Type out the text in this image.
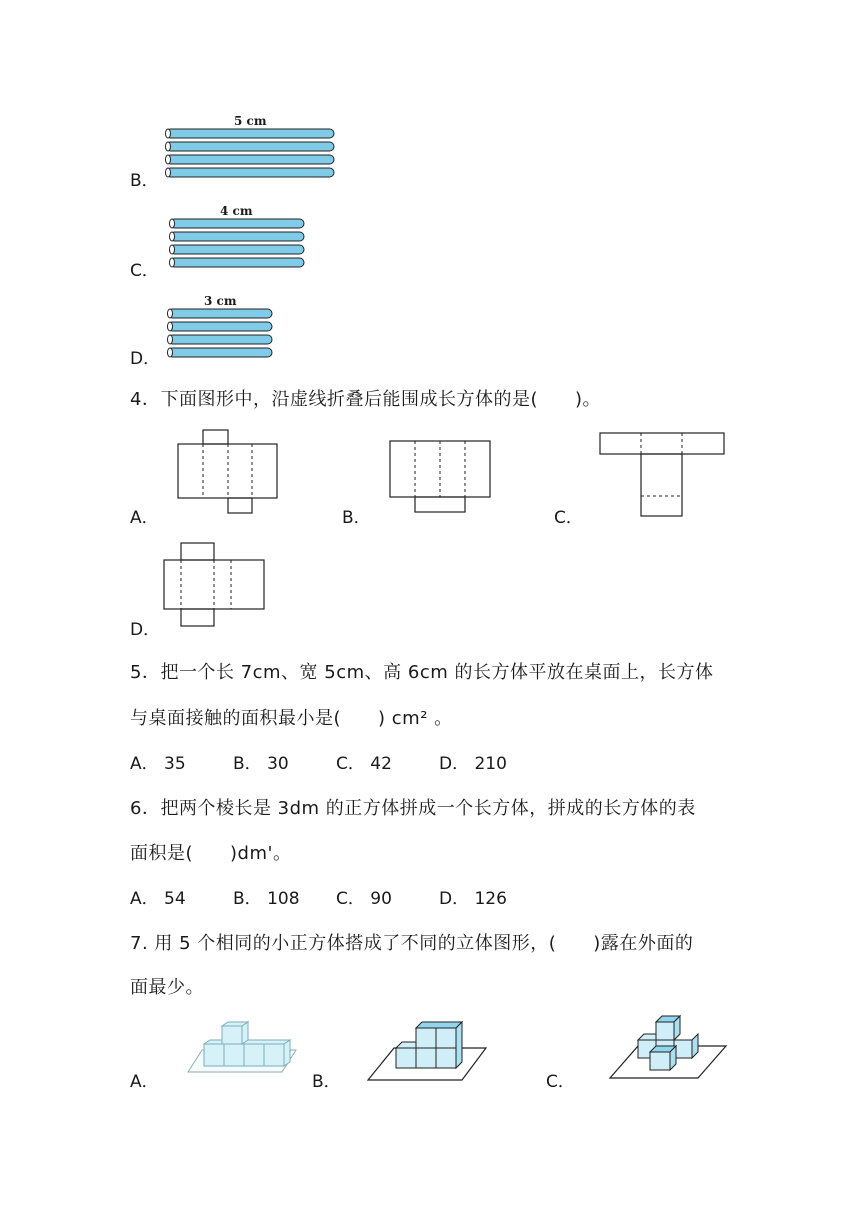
B．
5 cm
C．
4 cm
D．
3 cm
4．下面图形中，沿虚线折叠后能围成长方体的是(　　)。
A．	B．	C．
D．
5．把一个长 7cm、宽 5cm、高 6cm 的长方体平放在桌面上，长方体
与桌面接触的面积最小是(　　) cm² 。
A． 35	B． 30	C． 42	D． 210
6．把两个棱长是 3dm 的正方体拼成一个长方体，拼成的长方体的表
面积是(　　)dm'。
A． 54	B． 108 C． 90	D． 126
7. 用 5 个相同的小正方体搭成了不同的立体图形，(　　)露在外面的
面最少。
A．	B．	C．
